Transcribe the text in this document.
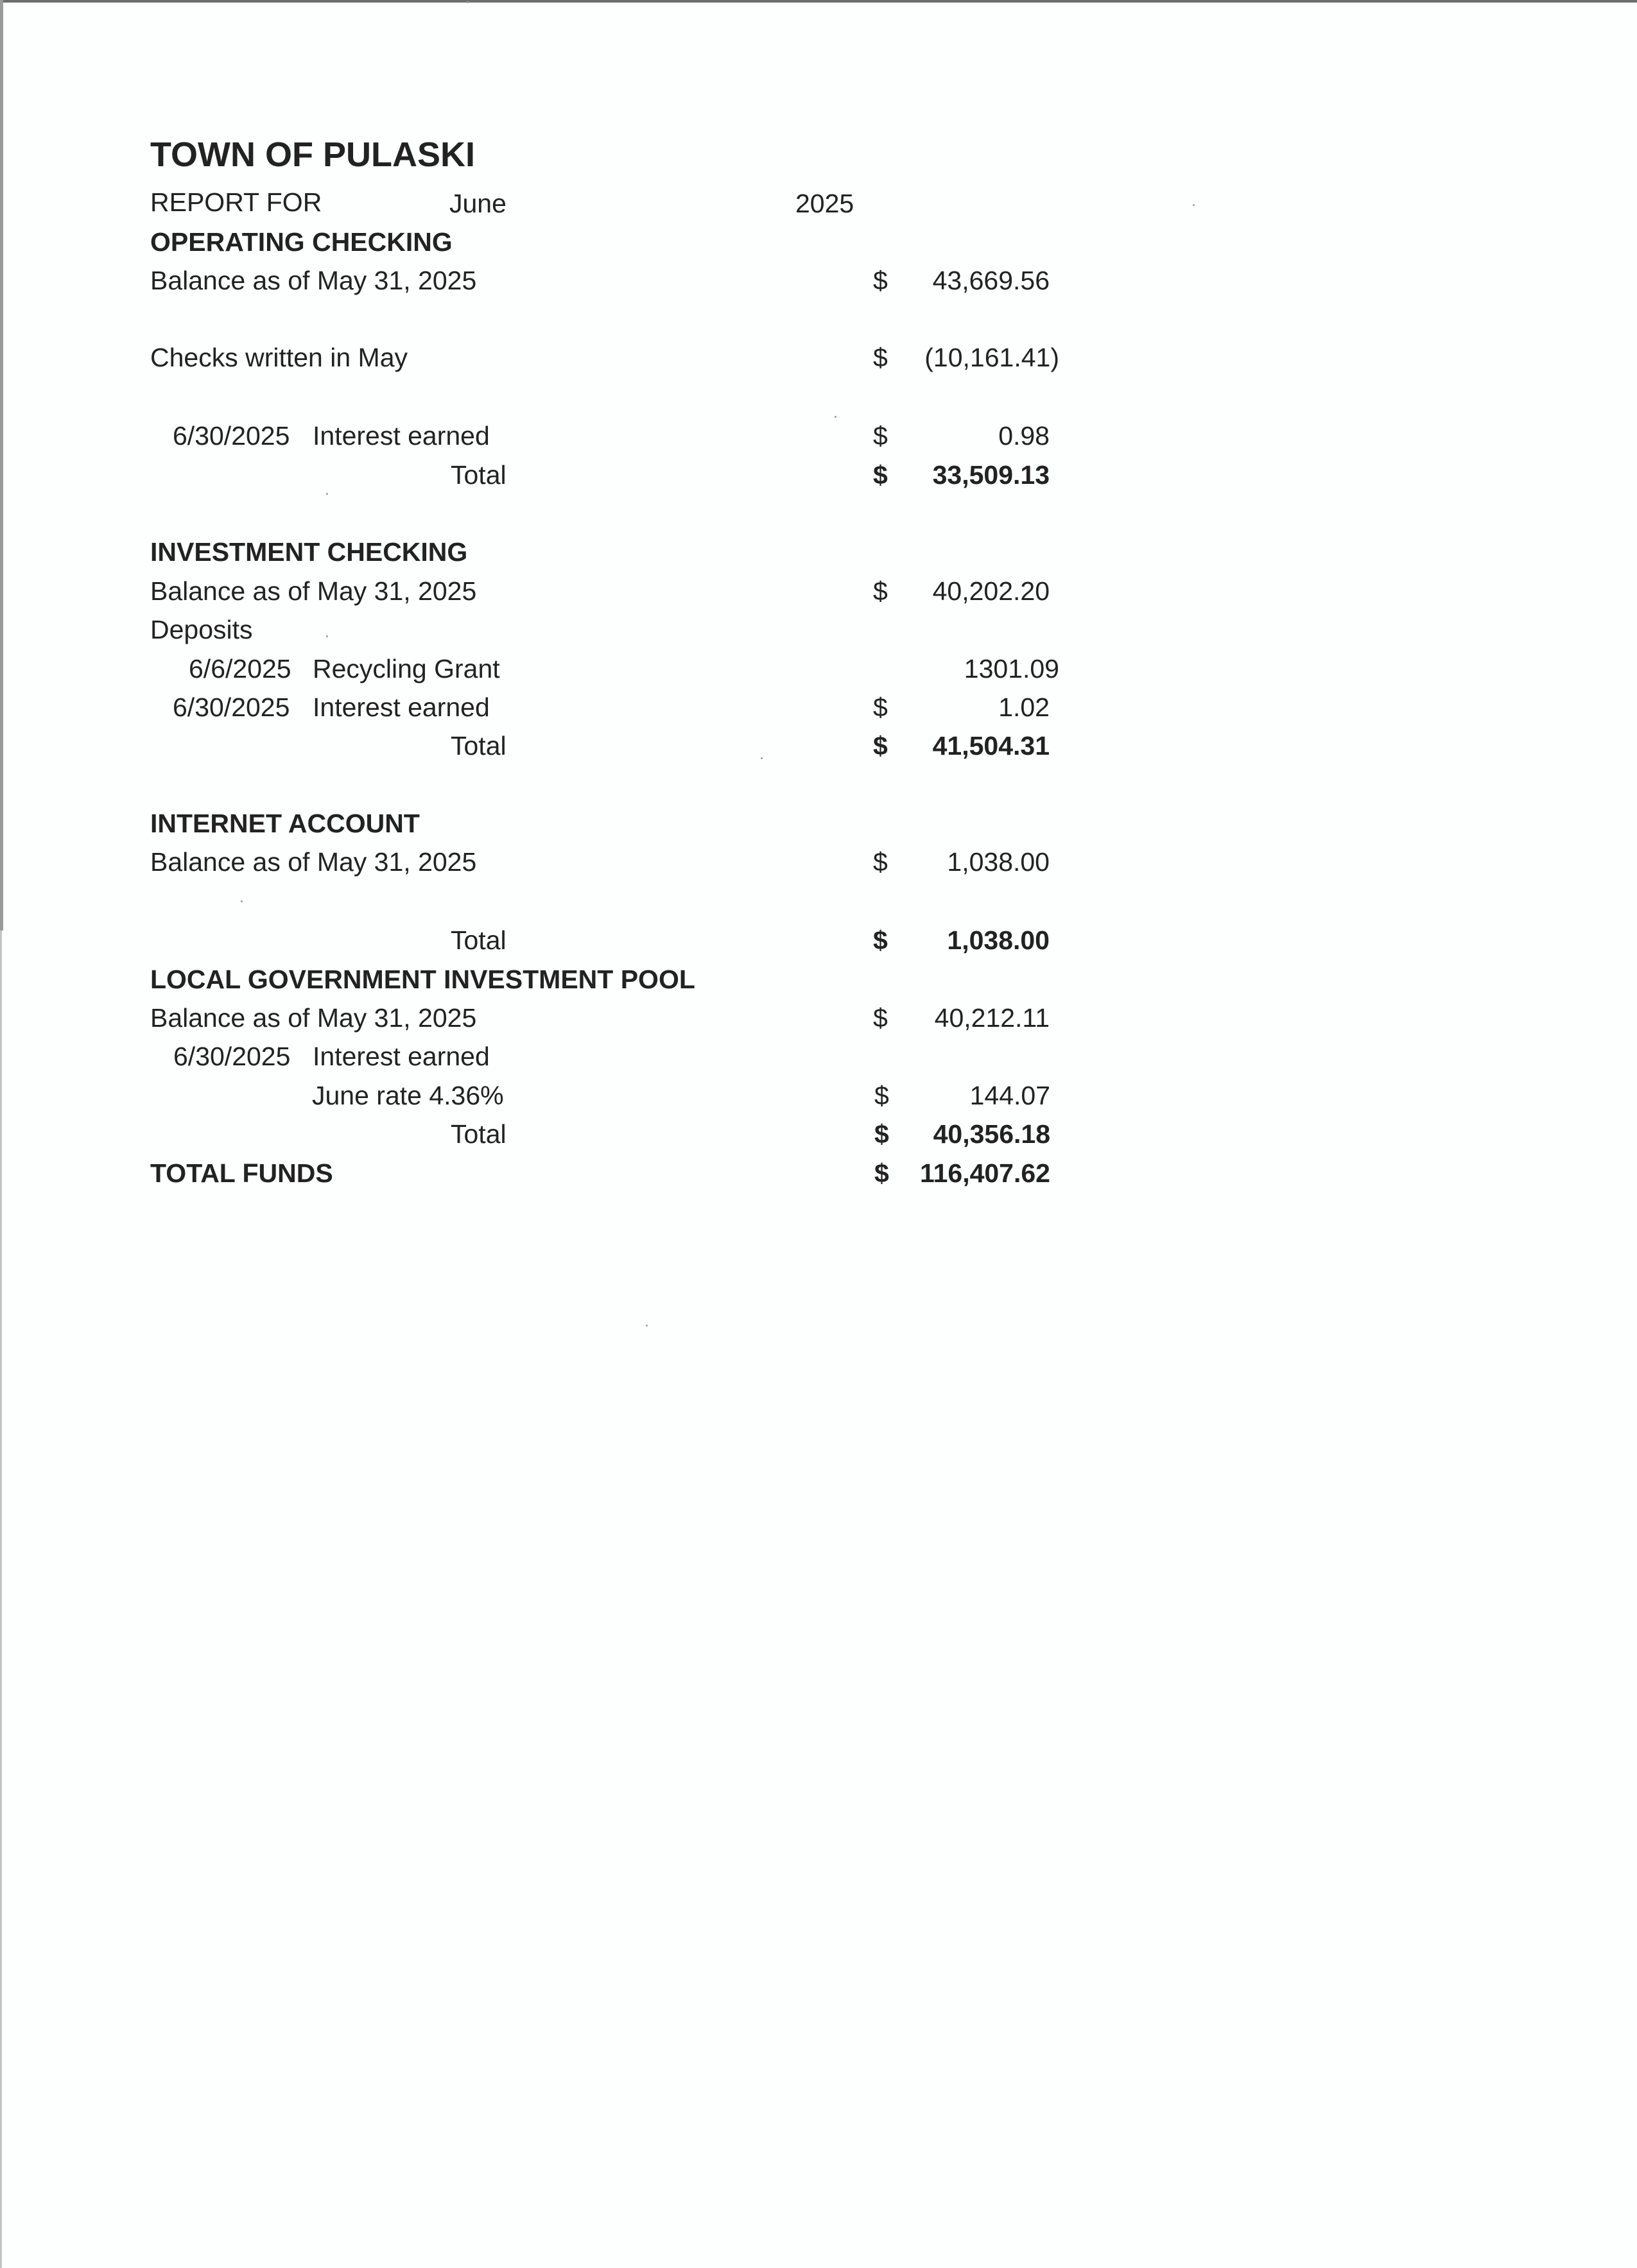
TOWN OF PULASKI
REPORT FOR	June	2025
OPERATING CHECKING
Balance as of May 31, 2025	$ 43,669.56
Checks written in May	$ (10,161.41)
6/30/2025 Interest earned	$	0.98
Total	$ 33,509.13
INVESTMENT CHECKING
Balance as of May 31, 2025	$ 40,202.20
Deposits
6/6/2025 Recycling Grant	1301.09
6/30/2025 Interest earned	$	1.02
Total	$ 41,504.31
INTERNET ACCOUNT
Balance as of May 31, 2025	$ 1,038.00
Total	$ 1,038.00
LOCAL GOVERNMENT INVESTMENT POOL
Balance as of May 31, 2025	$ 40,212.11
6/30/2025 Interest earned
June rate 4.36%	$	144.07
Total	$ 40,356.18
TOTAL FUNDS	$ 116,407.62
